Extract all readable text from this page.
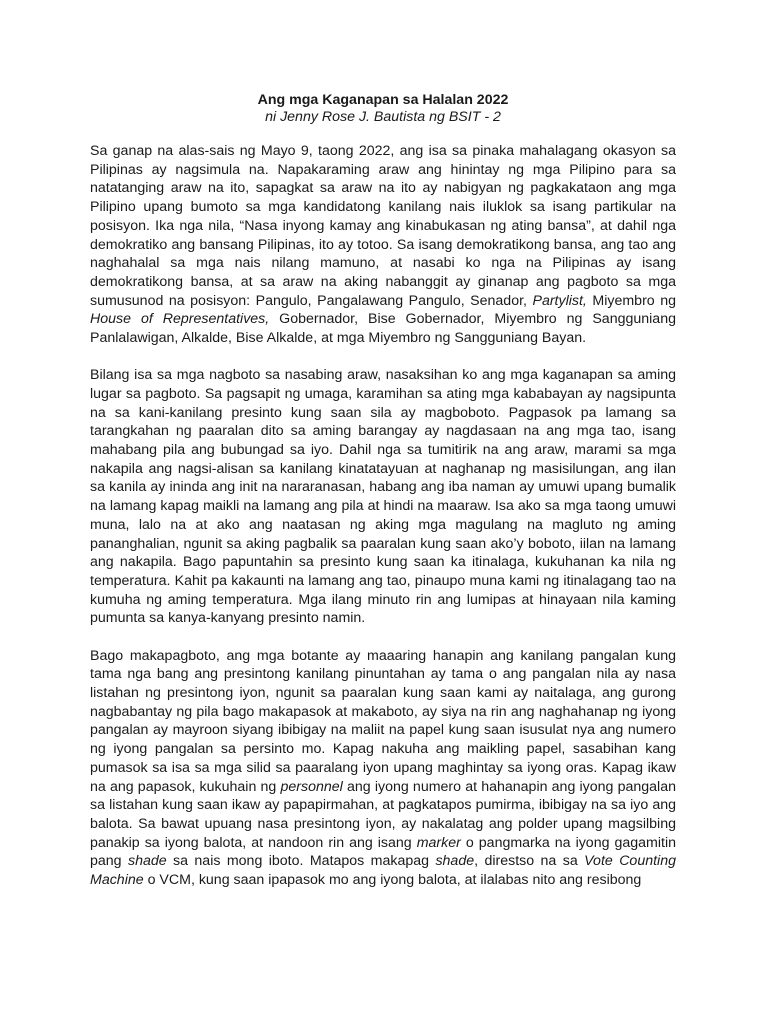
Ang mga Kaganapan sa Halalan 2022

ni Jenny Rose J. Bautista ng BSIT - 2

Sa ganap na alas-sais ng Mayo 9, taong 2022, ang isa sa pinaka mahalagang okasyon sa Pilipinas ay nagsimula na. Napakaraming araw ang hinintay ng mga Pilipino para sa natatanging araw na ito, sapagkat sa araw na ito ay nabigyan ng pagkakataon ang mga Pilipino upang bumoto sa mga kandidatong kanilang nais iluklok sa isang partikular na posisyon. Ika nga nila, “Nasa inyong kamay ang kinabukasan ng ating bansa”, at dahil nga demokratiko ang bansang Pilipinas, ito ay totoo. Sa isang demokratikong bansa, ang tao ang naghahalal sa mga nais nilang mamuno, at nasabi ko nga na Pilipinas ay isang demokratikong bansa, at sa araw na aking nabanggit ay ginanap ang pagboto sa mga sumusunod na posisyon: Pangulo, Pangalawang Pangulo, Senador, Partylist, Miyembro ng House of Representatives, Gobernador, Bise Gobernador, Miyembro ng Sangguniang Panlalawigan, Alkalde, Bise Alkalde, at mga Miyembro ng Sangguniang Bayan.

Bilang isa sa mga nagboto sa nasabing araw, nasaksihan ko ang mga kaganapan sa aming lugar sa pagboto. Sa pagsapit ng umaga, karamihan sa ating mga kababayan ay nagsipunta na sa kani-kanilang presinto kung saan sila ay magboboto. Pagpasok pa lamang sa tarangkahan ng paaralan dito sa aming barangay ay nagdasaan na ang mga tao, isang mahabang pila ang bubungad sa iyo. Dahil nga sa tumitirik na ang araw, marami sa mga nakapila ang nagsi-alisan sa kanilang kinatatayuan at naghanap ng masisilungan, ang ilan sa kanila ay ininda ang init na nararanasan, habang ang iba naman ay umuwi upang bumalik na lamang kapag maikli na lamang ang pila at hindi na maaraw. Isa ako sa mga taong umuwi muna, lalo na at ako ang naatasan ng aking mga magulang na magluto ng aming pananghalian, ngunit sa aking pagbalik sa paaralan kung saan ako’y boboto, iilan na lamang ang nakapila. Bago papuntahin sa presinto kung saan ka itinalaga, kukuhanan ka nila ng temperatura. Kahit pa kakaunti na lamang ang tao, pinaupo muna kami ng itinalagang tao na kumuha ng aming temperatura. Mga ilang minuto rin ang lumipas at hinayaan nila kaming pumunta sa kanya-kanyang presinto namin.

Bago makapagboto, ang mga botante ay maaaring hanapin ang kanilang pangalan kung tama nga bang ang presintong kanilang pinuntahan ay tama o ang pangalan nila ay nasa listahan ng presintong iyon, ngunit sa paaralan kung saan kami ay naitalaga, ang gurong nagbabantay ng pila bago makapasok at makaboto, ay siya na rin ang naghahanap ng iyong pangalan ay mayroon siyang ibibigay na maliit na papel kung saan isusulat nya ang numero ng iyong pangalan sa persinto mo. Kapag nakuha ang maikling papel, sasabihan kang pumasok sa isa sa mga silid sa paaralang iyon upang maghintay sa iyong oras. Kapag ikaw na ang papasok, kukuhain ng personnel ang iyong numero at hahanapin ang iyong pangalan sa listahan kung saan ikaw ay papapirmahan, at pagkatapos pumirma, ibibigay na sa iyo ang balota. Sa bawat upuang nasa presintong iyon, ay nakalatag ang polder upang magsilbing panakip sa iyong balota, at nandoon rin ang isang marker o pangmarka na iyong gagamitin pang shade sa nais mong iboto. Matapos makapag shade, direstso na sa Vote Counting Machine o VCM, kung saan ipapasok mo ang iyong balota, at ilalabas nito ang resibong
